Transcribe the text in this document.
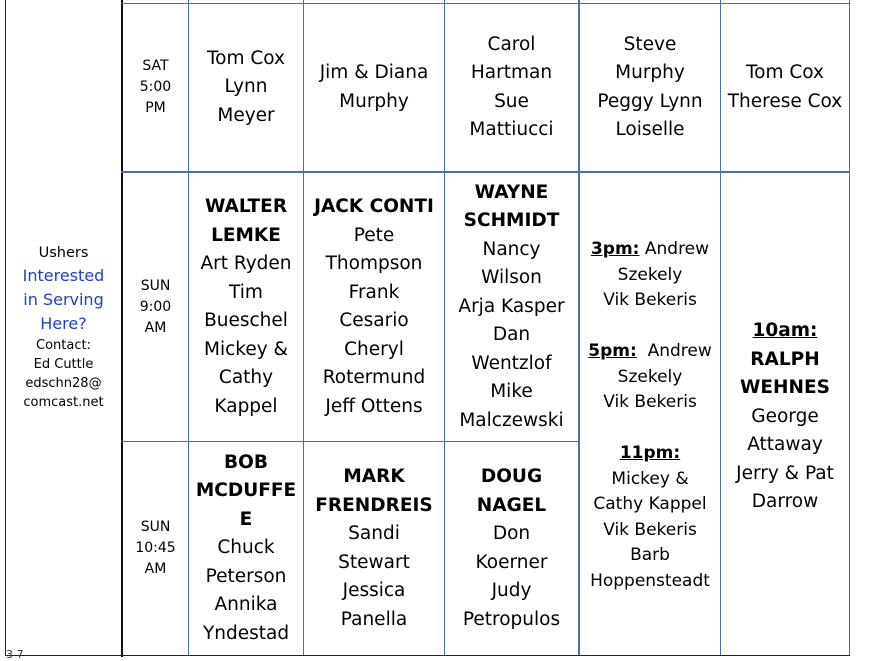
Ushers
Interested
in Serving
Here?
Contact:
Ed Cuttle
edschn28@
comcast.net
SAT
5:00
PM
SUN
9:00
AM
SUN
10:45
AM
Tom Cox
Lynn
Meyer
Jim & Diana
Murphy
Carol
Hartman
Sue
Mattiucci
Steve
Murphy
Peggy Lynn
Loiselle
Tom Cox
Therese Cox
WALTER
LEMKE
Art Ryden
Tim
Bueschel
Mickey &
Cathy
Kappel
JACK CONTI
Pete
Thompson
Frank
Cesario
Cheryl
Rotermund
Jeff Ottens
WAYNE
SCHMIDT
Nancy
Wilson
Arja Kasper
Dan
Wentzlof
Mike
Malczewski
BOB
MCDUFFE
E
Chuck
Peterson
Annika
Yndestad
MARK
FRENDREIS
Sandi
Stewart
Jessica
Panella
DOUG
NAGEL
Don
Koerner
Judy
Petropulos
3pm: Andrew
Szekely
Vik Bekeris
5pm:  Andrew
Szekely
Vik Bekeris
11pm:
Mickey &
Cathy Kappel
Vik Bekeris
Barb
Hoppensteadt
10am:
RALPH
WEHNES
George
Attaway
Jerry & Pat
Darrow
3 7
